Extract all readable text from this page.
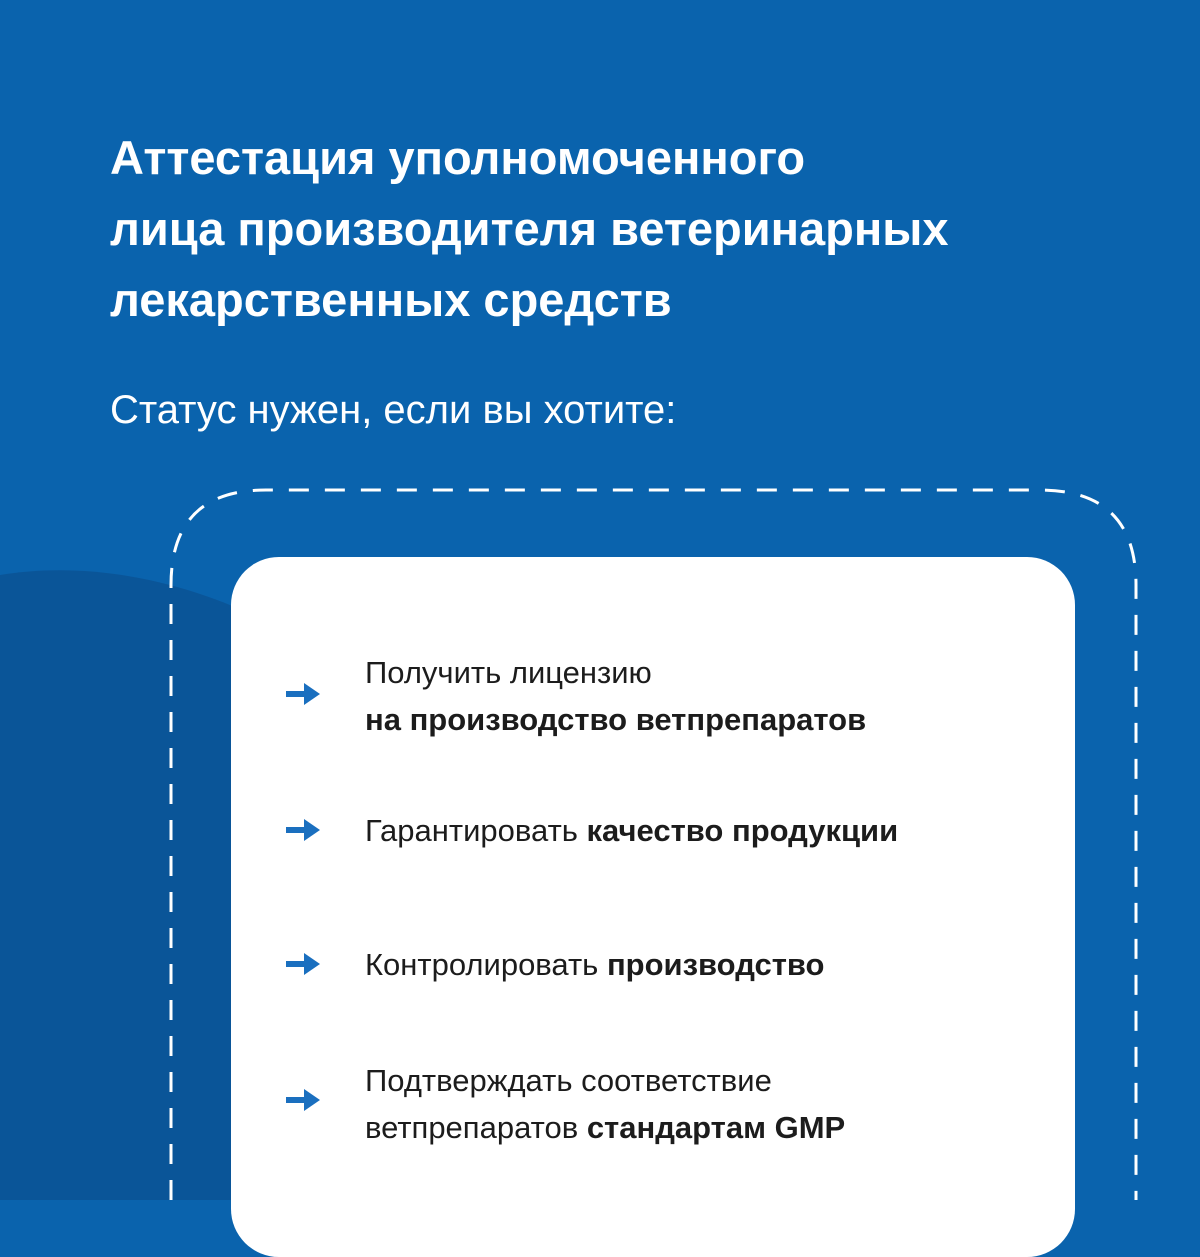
Аттестация уполномоченного
лица производителя ветеринарных
лекарственных средств

Статус нужен, если вы хотите:

Получить лицензию
на производство ветпрепаратов
Гарантировать качество продукции
Контролировать производство
Подтверждать соответствие
ветпрепаратов стандартам GMP
